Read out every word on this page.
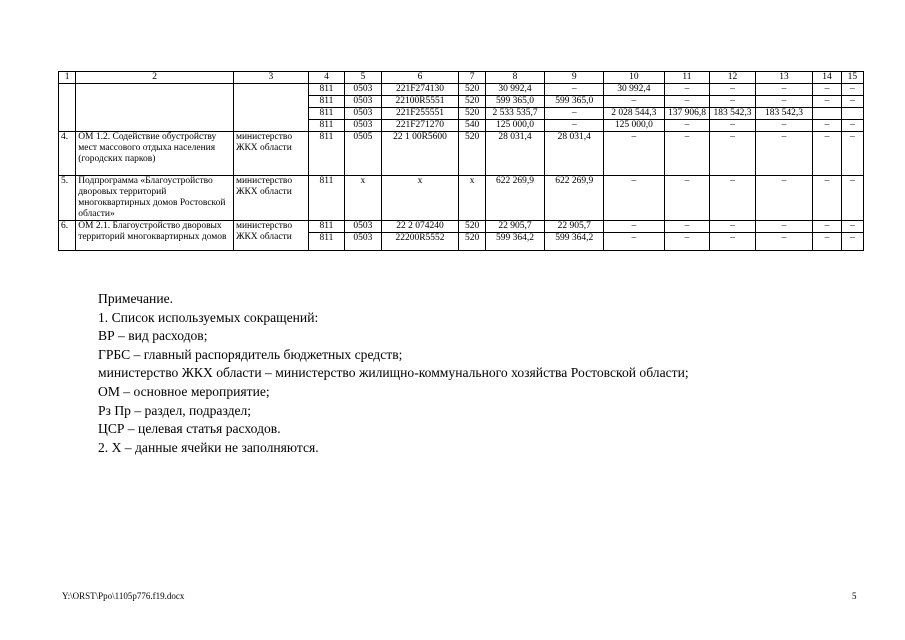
1	2	3	4	5	6	7	8	9	10	11	12	13	14	15
			811	0503	221F274130	520	30 992,4	–	30 992,4	–	–	–	–	–
			811	0503	22100R5551	520	599 365,0	599 365,0	–	–	–	–	–	–
			811	0503	221F255551	520	2 533 535,7	–	2 028 544,3	137 906,8	183 542,3	183 542,3		
			811	0503	221F271270	540	125 000,0	–	125 000,0	–	–	–	–	–
4.	ОМ 1.2. Содействие обустройству мест массового отдыха населения (городских парков)	министерство ЖКХ области	811	0505	22 1 00R5600	520	28 031,4	28 031,4	–	–	–	–	–	–
5.	Подпрограмма «Благоустройство дворовых территорий многоквартирных домов Ростовской области»	министерство ЖКХ области	811	х	х	х	622 269,9	622 269,9	–	–	–	–	–	–
6.	ОМ 2.1. Благоустройство дворовых территорий многоквартирных домов	министерство ЖКХ области	811	0503	22 2 074240	520	22 905,7	22 905,7	–	–	–	–	–	–
			811	0503	22200R5552	520	599 364,2	599 364,2	–	–	–	–	–	–
Примечание.
1. Список используемых сокращений:
ВР – вид расходов;
ГРБС – главный распорядитель бюджетных средств;
министерство ЖКХ области – министерство жилищно-коммунального хозяйства Ростовской области;
ОМ – основное мероприятие;
Рз Пр – раздел, подраздел;
ЦСР – целевая статья расходов.
2. Х – данные ячейки не заполняются.
Y:\ORST\Ppo\1105p776.f19.docx	5
